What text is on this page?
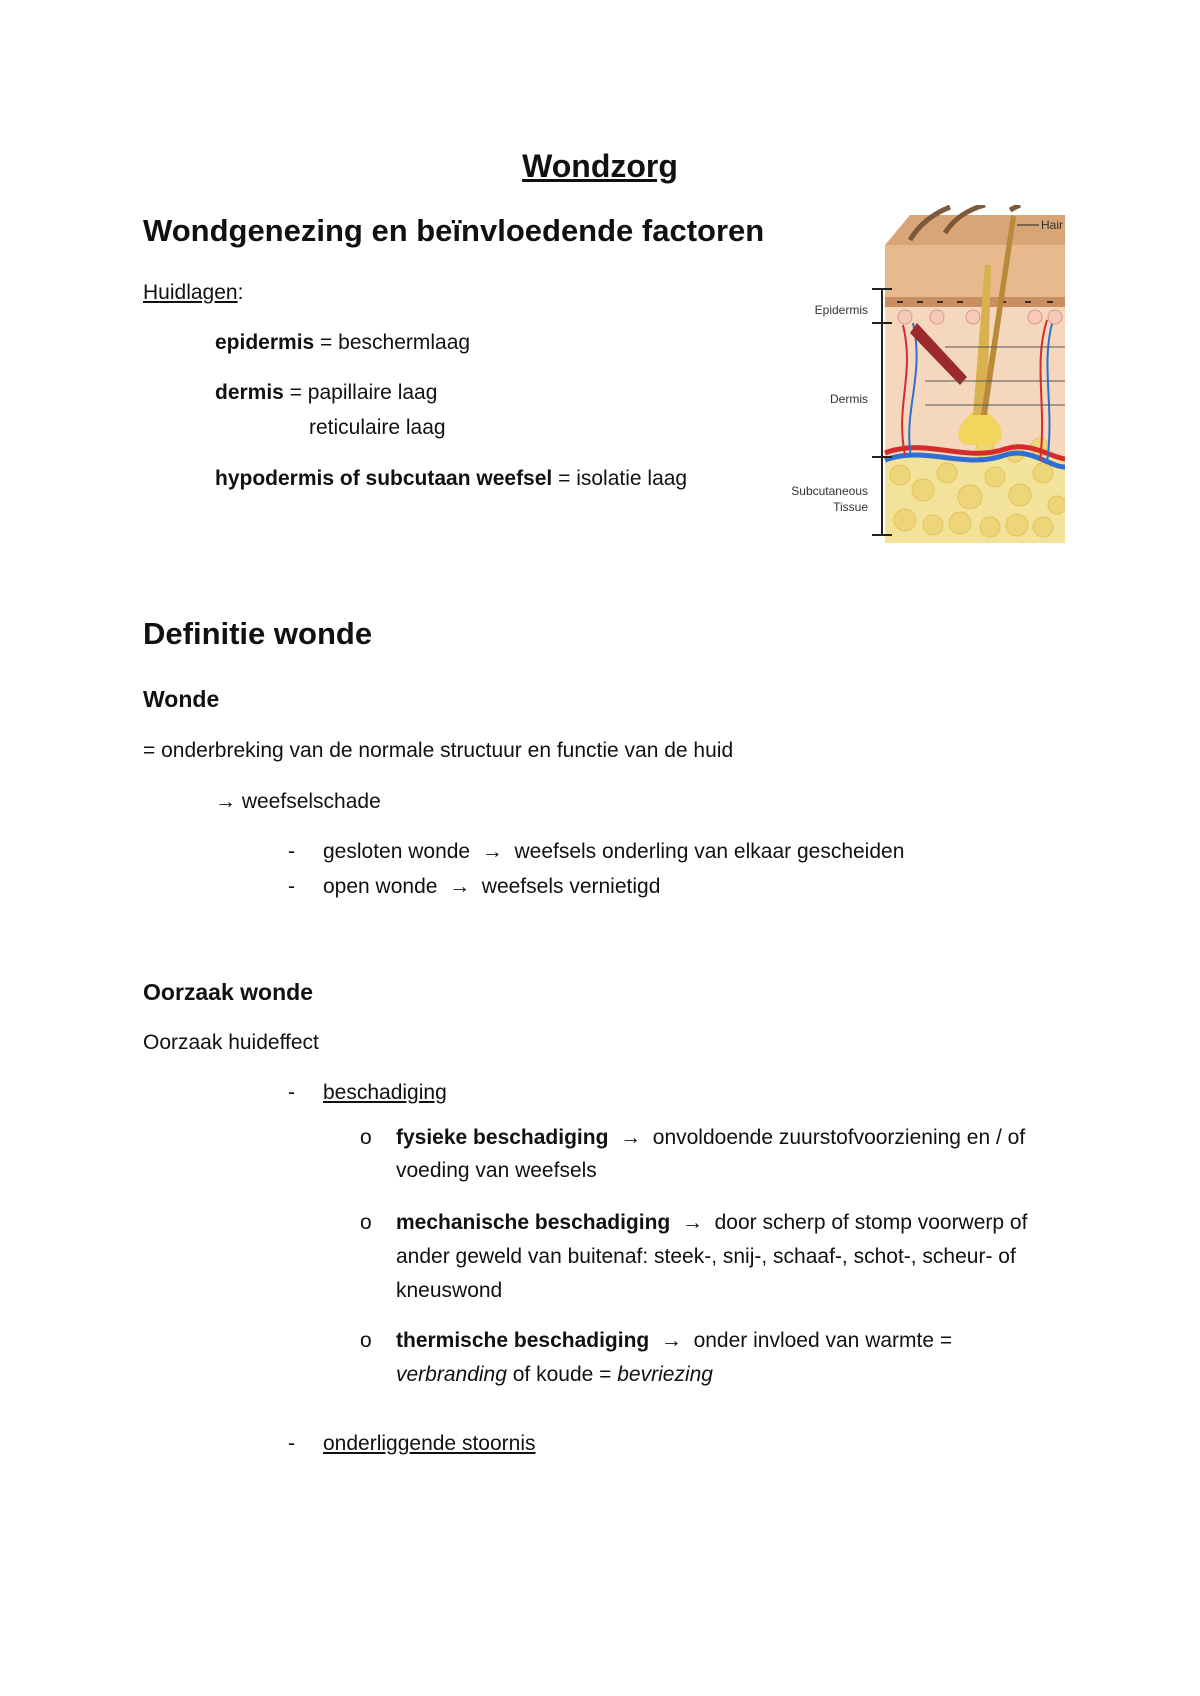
Wondzorg
Wondgenezing en beïnvloedende factoren
Huidlagen:
epidermis = beschermlaag
dermis = papillaire laag
reticulaire laag
hypodermis of subcutaan weefsel = isolatie laag
Hair
Epidermis
Dermis
Subcutaneous
Tissue
Definitie wonde
Wonde
= onderbreking van de normale structuur en functie van de huid
→ weefselschade
- gesloten wonde → weefsels onderling van elkaar gescheiden
- open wonde → weefsels vernietigd
Oorzaak wonde
Oorzaak huideffect
- beschadiging
o fysieke beschadiging → onvoldoende zuurstofvoorziening en / of
voeding van weefsels
o mechanische beschadiging → door scherp of stomp voorwerp of
ander geweld van buitenaf: steek-, snij-, schaaf-, schot-, scheur- of
kneuswond
o thermische beschadiging → onder invloed van warmte =
verbranding of koude = bevriezing
- onderliggende stoornis
